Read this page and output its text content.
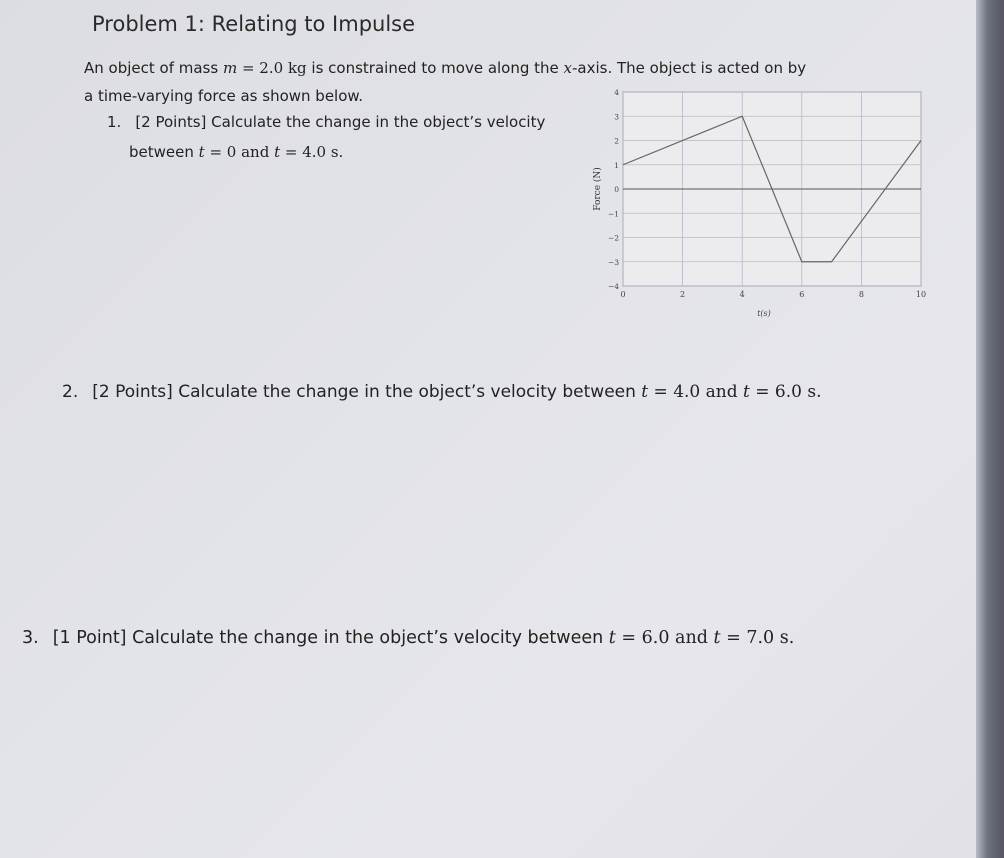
Problem 1: Relating to Impulse
An object of mass m = 2.0 kg is constrained to move along the x-axis. The object is acted on by
a time-varying force as shown below.
1. [2 Points] Calculate the change in the object’s velocity
between t = 0 and t = 4.0 s.
0	2	4	6	8	10
−4
−3
−2
−1
0
1
2
3
4
t(s)
Force (N)
2. [2 Points] Calculate the change in the object’s velocity between t = 4.0 and t = 6.0 s.
3. [1 Point] Calculate the change in the object’s velocity between t = 6.0 and t = 7.0 s.
